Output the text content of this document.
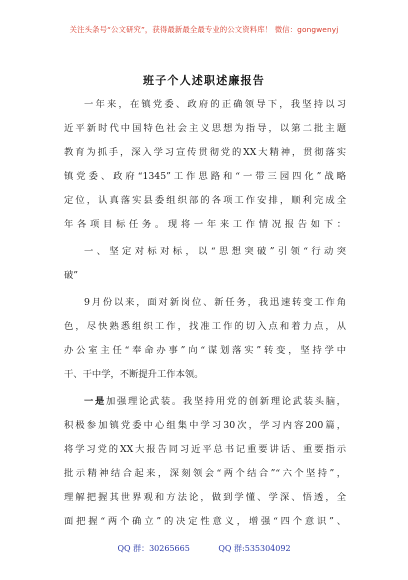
关注头条号“公文研究”，获得最新最全最专业的公文资料库！ 微信：gongwenyj
班子个人述职述廉报告
一年来，在镇党委、政府的正确领导下，我坚持以习
近平新时代中国特色社会主义思想为指导，以第二批主题
教育为抓手，深入学习宣传贯彻党的XX大精神，贯彻落实
镇党委、政府“1345”工作思路和“一带三园四化”战略
定位，认真落实县委组织部的各项工作安排，顺利完成全
年各项目标任务。现将一年来工作情况报告如下：
一、坚定对标对标，以“思想突破”引领“行动突
破”
9月份以来，面对新岗位、新任务，我迅速转变工作角
色，尽快熟悉组织工作，找准工作的切入点和着力点，从
办公室主任“奉命办事”向“谋划落实”转变，坚持学中
干、干中学，不断提升工作本领。
一是加强理论武装。我坚持用党的创新理论武装头脑，
积极参加镇党委中心组集中学习30次，学习内容200篇，
将学习党的XX大报告同习近平总书记重要讲话、重要指示
批示精神结合起来，深刻领会“两个结合”“六个坚持”，
理解把握其世界观和方法论，做到学懂、学深、悟透，全
面把握“两个确立”的决定性意义，增强“四个意识”、
QQ 群：30265665	QQ 群:535304092
